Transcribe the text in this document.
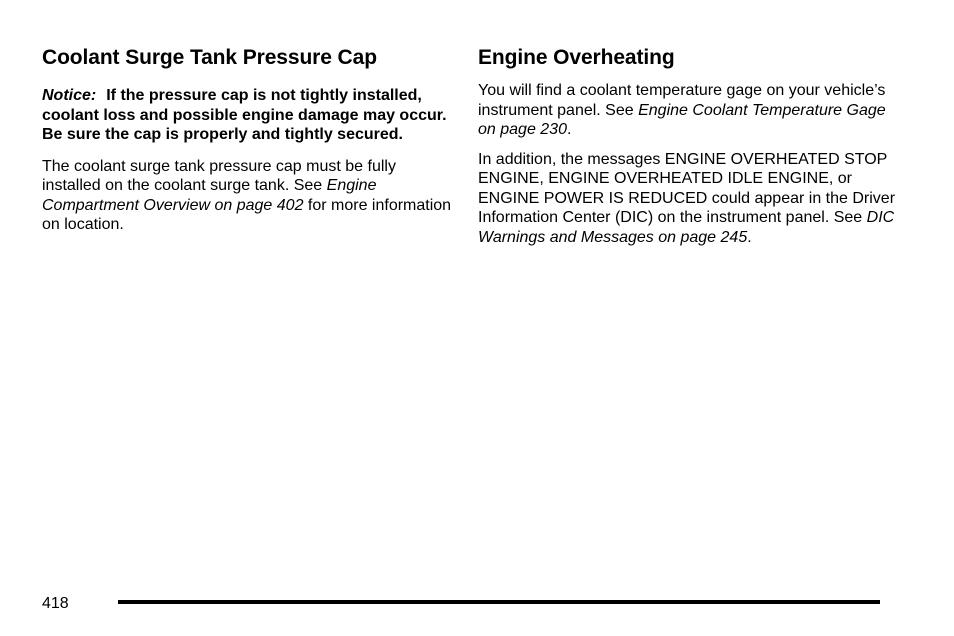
Coolant Surge Tank Pressure Cap

Notice: If the pressure cap is not tightly installed, coolant loss and possible engine damage may occur. Be sure the cap is properly and tightly secured.

The coolant surge tank pressure cap must be fully installed on the coolant surge tank. See Engine Compartment Overview on page 402 for more information on location.

Engine Overheating

You will find a coolant temperature gage on your vehicle’s instrument panel. See Engine Coolant Temperature Gage on page 230.

In addition, the messages ENGINE OVERHEATED STOP ENGINE, ENGINE OVERHEATED IDLE ENGINE, or ENGINE POWER IS REDUCED could appear in the Driver Information Center (DIC) on the instrument panel. See DIC Warnings and Messages on page 245.

418
